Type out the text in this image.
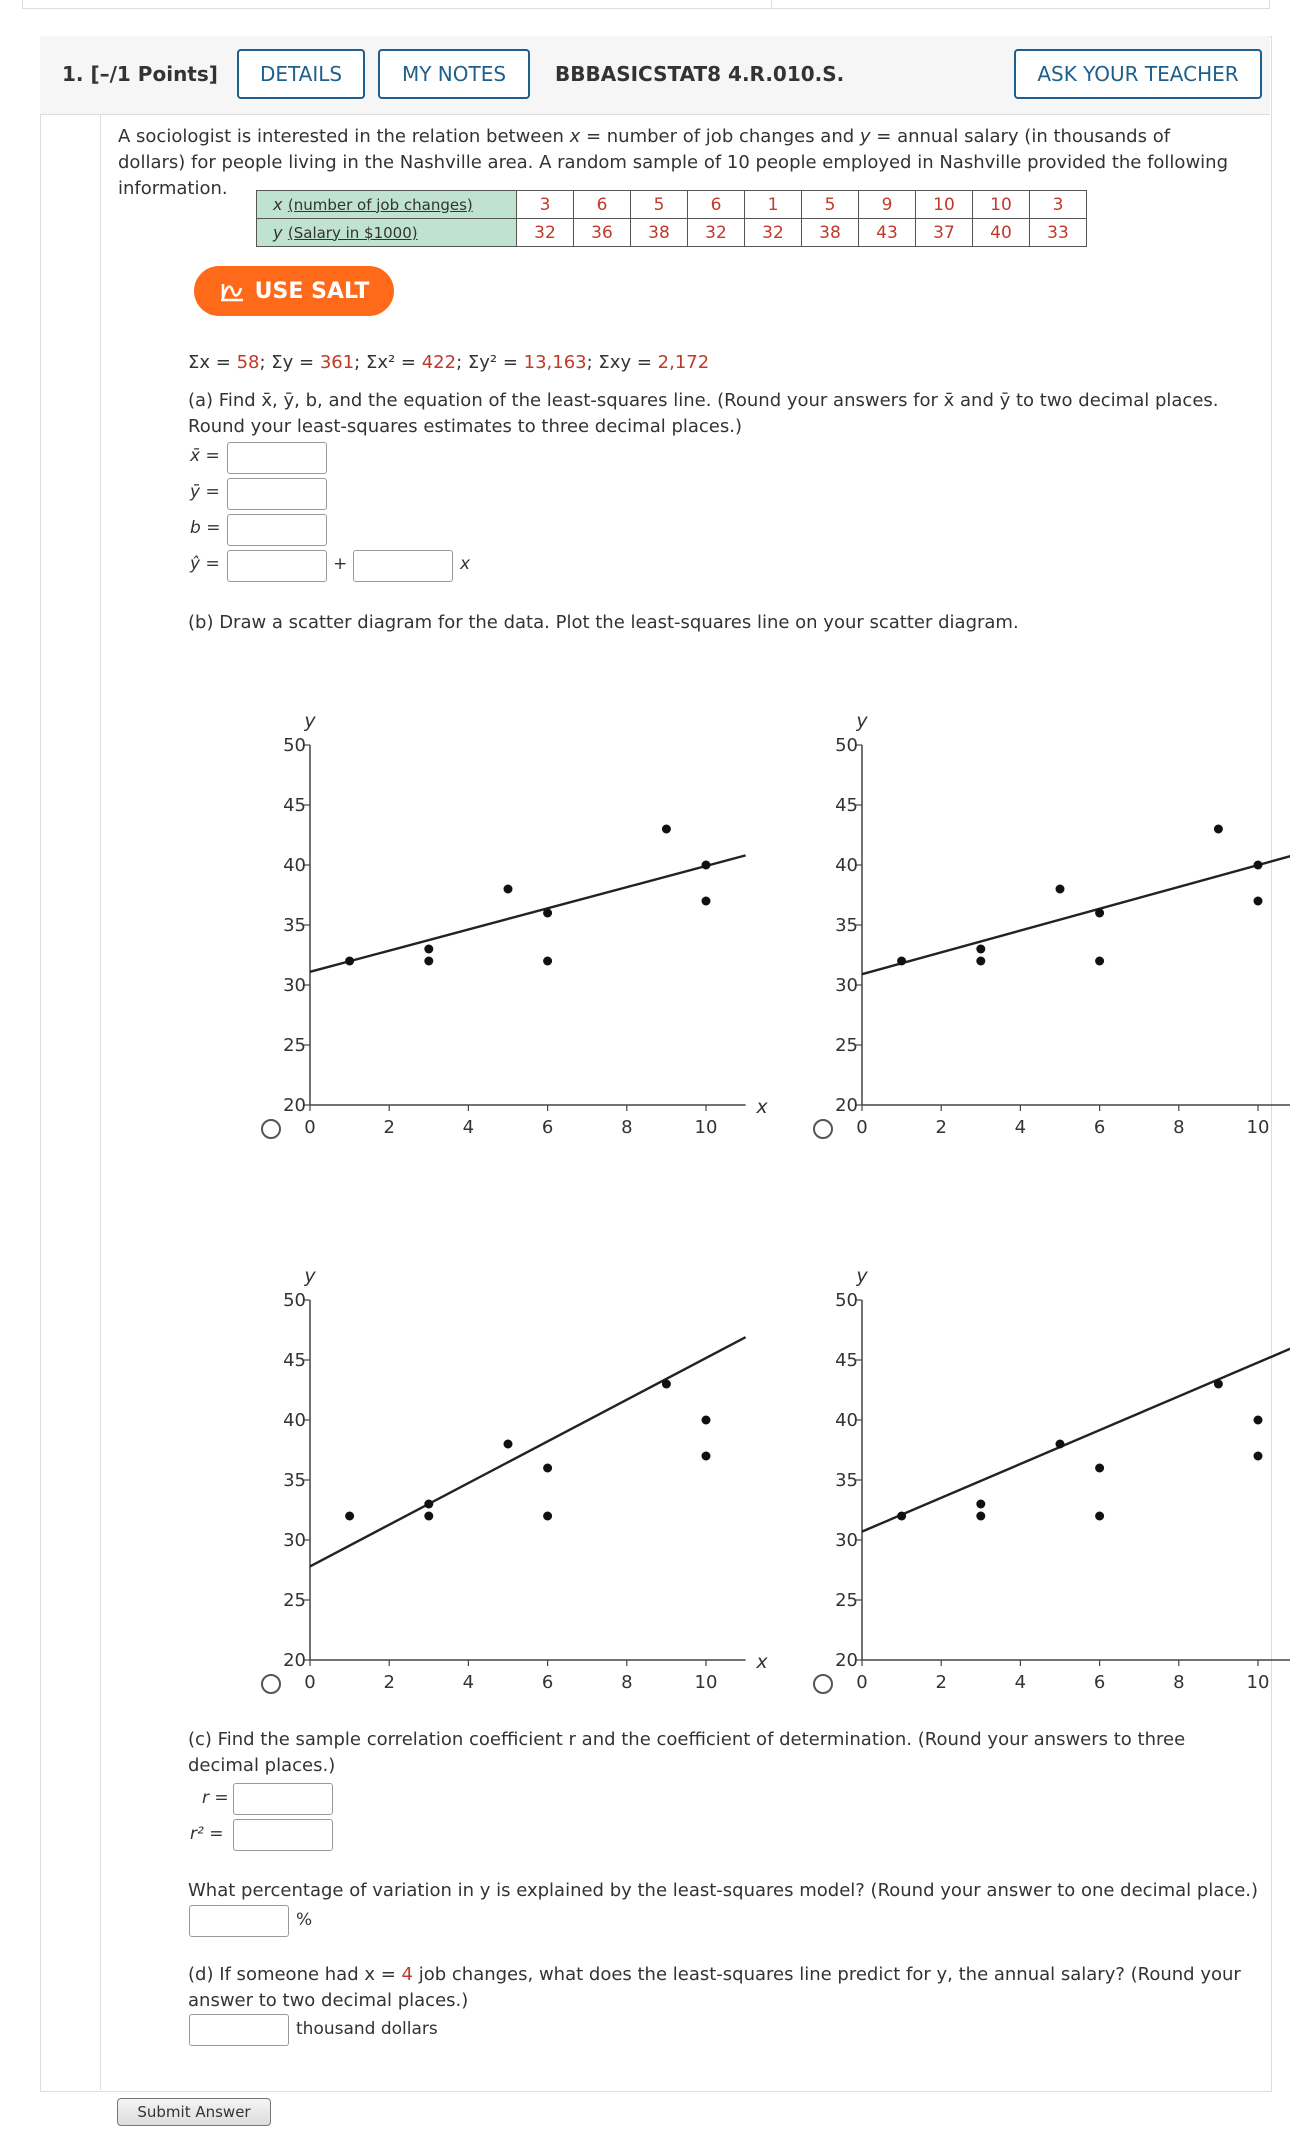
1. [–/1 Points]	DETAILS	MY NOTES	BBBASICSTAT8 4.R.010.S.	ASK YOUR TEACHER
A sociologist is interested in the relation between x = number of job changes and y = annual salary (in thousands of dollars) for people living in the Nashville area. A random sample of 10 people employed in Nashville provided the following information.
x (number of job changes)	3	6	5	6	1	5	9	10	10	3
y (Salary in $1000)	32	36	38	32	32	38	43	37	40	33
USE SALT
Σx = 58; Σy = 361; Σx² = 422; Σy² = 13,163; Σxy = 2,172
(a) Find x̄, ȳ, b, and the equation of the least-squares line. (Round your answers for x̄ and ȳ to two decimal places. Round your least-squares estimates to three decimal places.)
x̄ =
ȳ =
b =
ŷ =	+	x
(b) Draw a scatter diagram for the data. Plot the least-squares line on your scatter diagram.
20
25
30
35
40
45
50
0	2	4	6	8	10
y
x	20
25
30
35
40
45
50
0	2	4	6	8	10
y
20
25
30
35
40
45
50
0	2	4	6	8	10
y
x	20
25
30
35
40
45
50
0	2	4	6	8	10
y
(c) Find the sample correlation coefficient r and the coefficient of determination. (Round your answers to three decimal places.)
r =
r² =
What percentage of variation in y is explained by the least-squares model? (Round your answer to one decimal place.)
%
(d) If someone had x = 4 job changes, what does the least-squares line predict for y, the annual salary? (Round your answer to two decimal places.)
thousand dollars
Submit Answer
